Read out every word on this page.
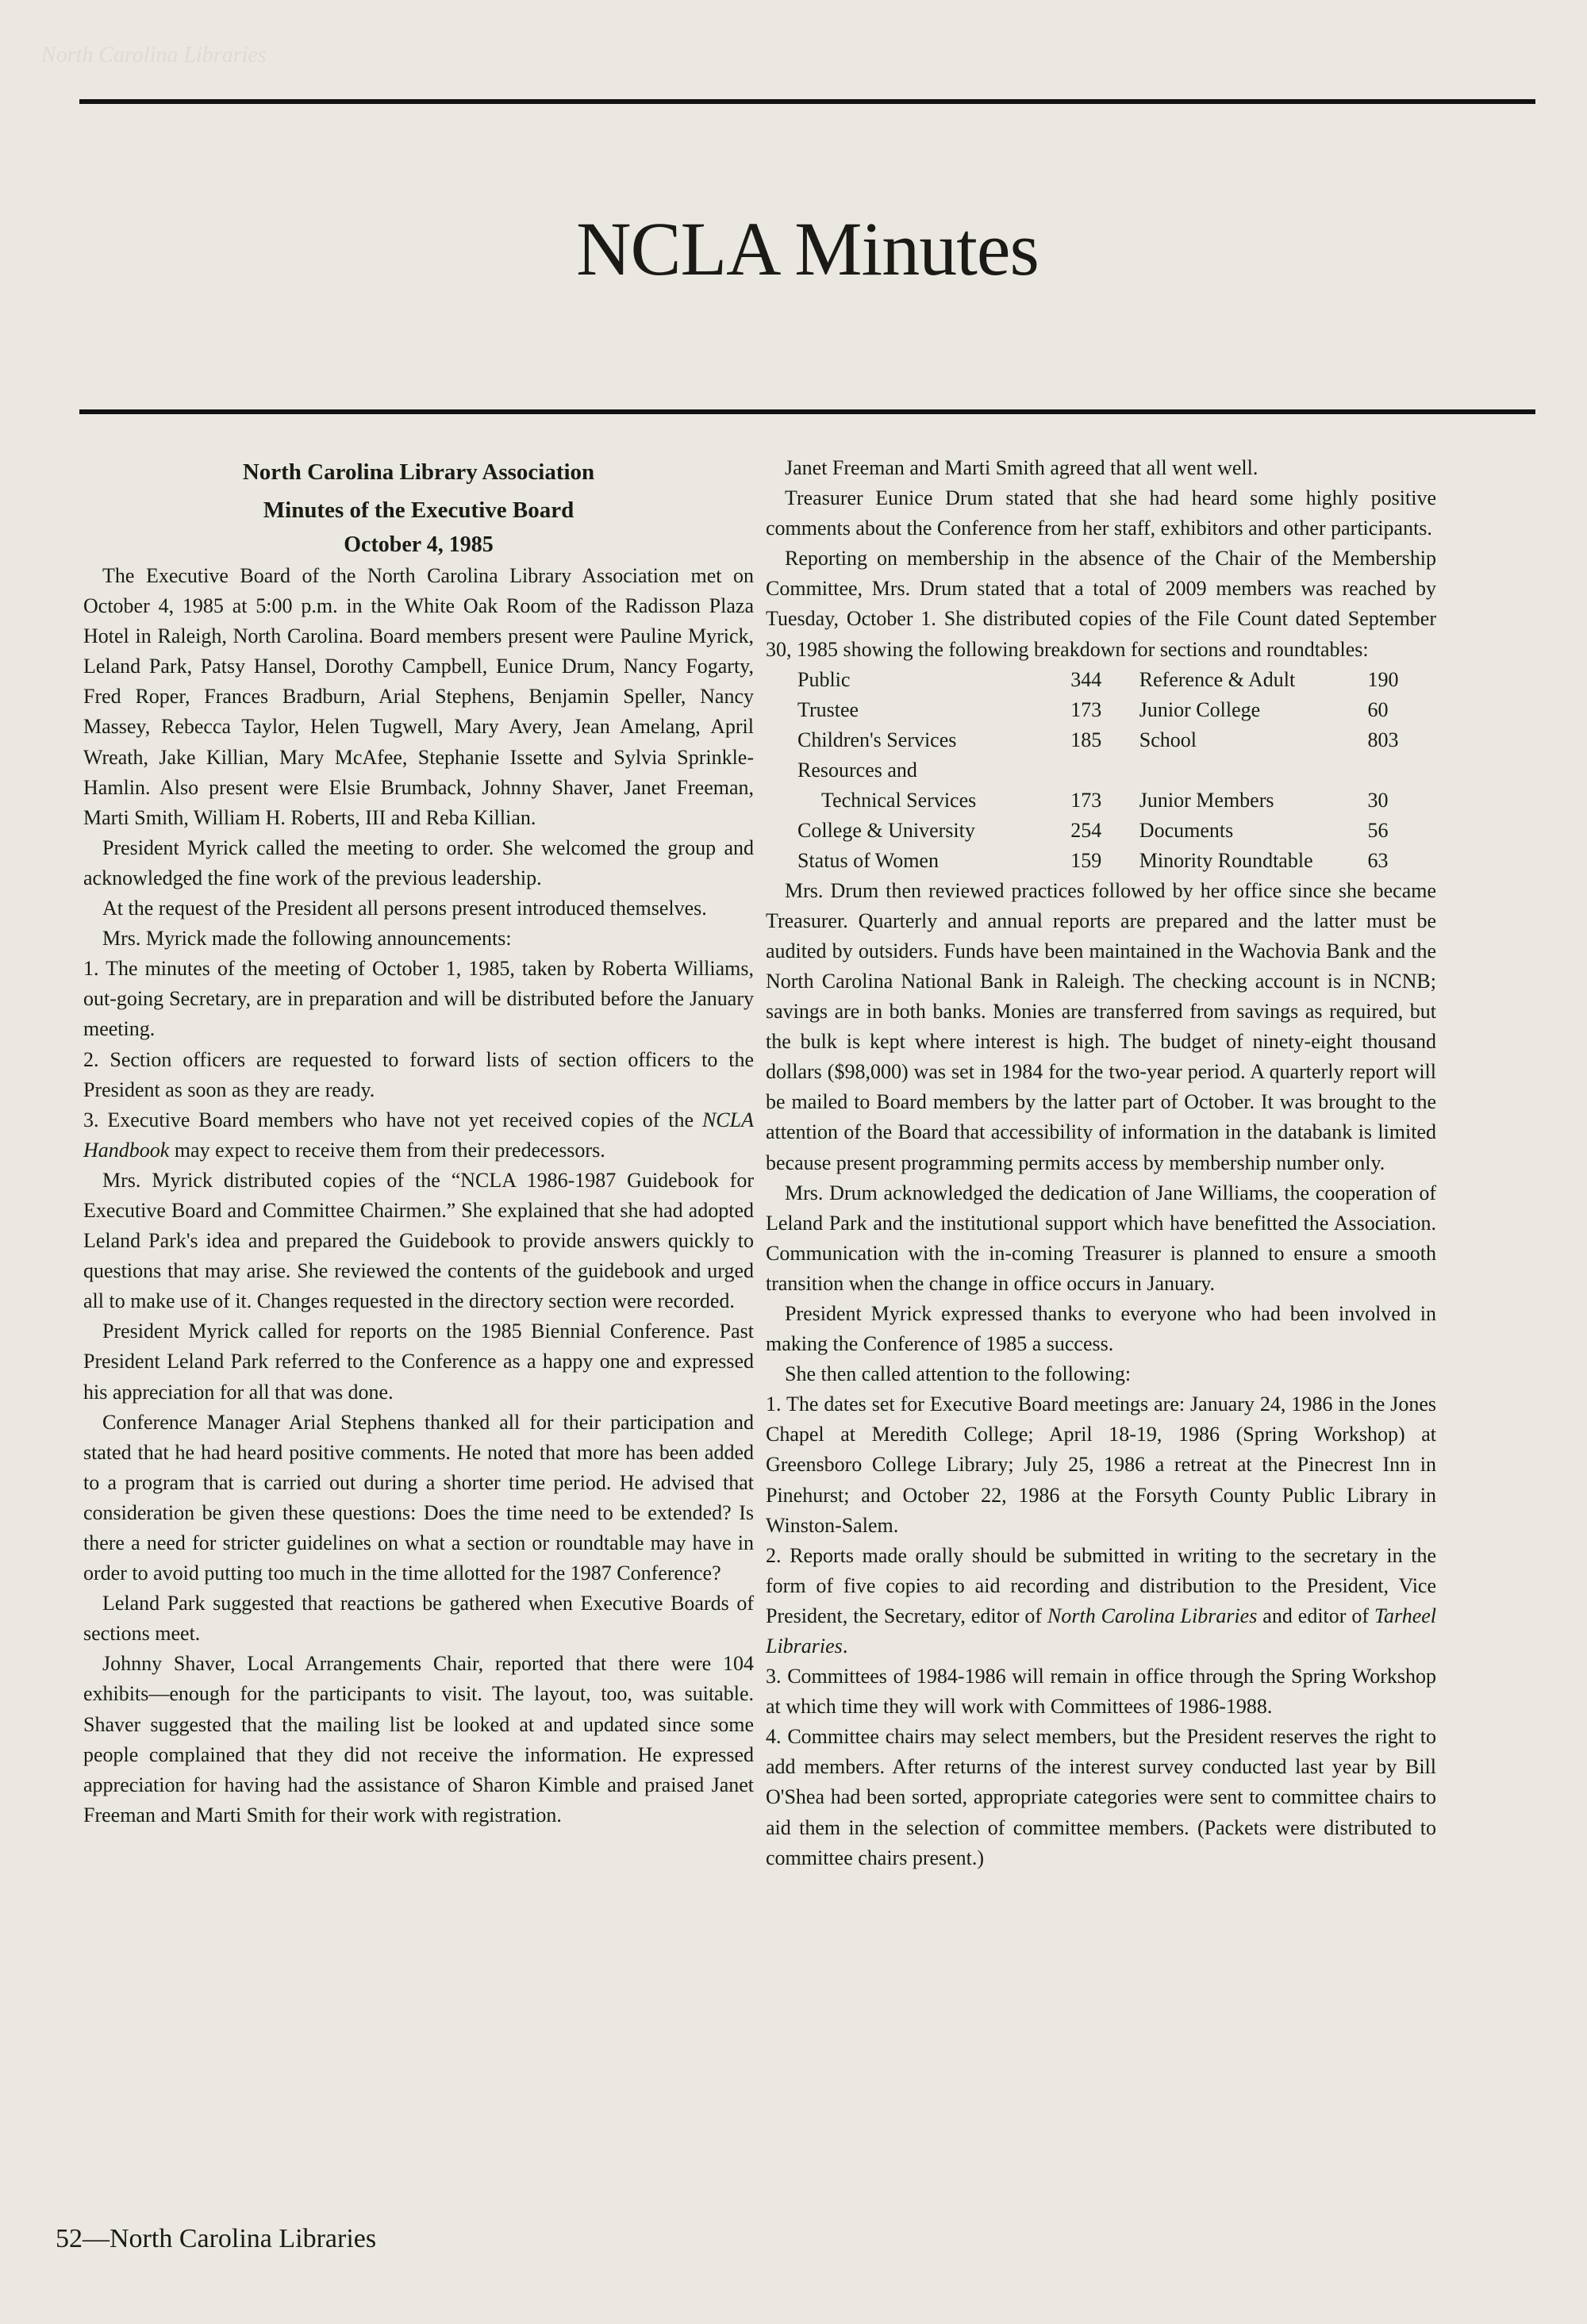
North Carolina Libraries
NCLA Minutes
North Carolina Library Association
Minutes of the Executive Board
October 4, 1985

The Executive Board of the North Carolina Library Association met on October 4, 1985 at 5:00 p.m. in the White Oak Room of the Radisson Plaza Hotel in Raleigh, North Carolina. Board members present were Pauline Myrick, Leland Park, Patsy Hansel, Dorothy Campbell, Eunice Drum, Nancy Fogarty, Fred Roper, Frances Bradburn, Arial Stephens, Benjamin Speller, Nancy Massey, Rebecca Taylor, Helen Tugwell, Mary Avery, Jean Amelang, April Wreath, Jake Killian, Mary McAfee, Stephanie Issette and Sylvia Sprinkle-Hamlin. Also present were Elsie Brumback, Johnny Shaver, Janet Freeman, Marti Smith, William H. Roberts, III and Reba Killian.

President Myrick called the meeting to order. She welcomed the group and acknowledged the fine work of the previous leadership.

At the request of the President all persons present introduced themselves.

Mrs. Myrick made the following announcements:

1. The minutes of the meeting of October 1, 1985, taken by Roberta Williams, out-going Secretary, are in preparation and will be distributed before the January meeting.

2. Section officers are requested to forward lists of section officers to the President as soon as they are ready.

3. Executive Board members who have not yet received copies of the NCLA Handbook may expect to receive them from their predecessors.

Mrs. Myrick distributed copies of the “NCLA 1986-1987 Guidebook for Executive Board and Committee Chairmen.” She explained that she had adopted Leland Park's idea and prepared the Guidebook to provide answers quickly to questions that may arise. She reviewed the contents of the guidebook and urged all to make use of it. Changes requested in the directory section were recorded.

President Myrick called for reports on the 1985 Biennial Conference. Past President Leland Park referred to the Conference as a happy one and expressed his appreciation for all that was done.

Conference Manager Arial Stephens thanked all for their participation and stated that he had heard positive comments. He noted that more has been added to a program that is carried out during a shorter time period. He advised that consideration be given these questions: Does the time need to be extended? Is there a need for stricter guidelines on what a section or roundtable may have in order to avoid putting too much in the time allotted for the 1987 Conference?

Leland Park suggested that reactions be gathered when Executive Boards of sections meet.

Johnny Shaver, Local Arrangements Chair, reported that there were 104 exhibits—enough for the participants to visit. The layout, too, was suitable. Shaver suggested that the mailing list be looked at and updated since some people complained that they did not receive the information. He expressed appreciation for having had the assistance of Sharon Kimble and praised Janet Freeman and Marti Smith for their work with registration.

Janet Freeman and Marti Smith agreed that all went well.

Treasurer Eunice Drum stated that she had heard some highly positive comments about the Conference from her staff, exhibitors and other participants.

Reporting on membership in the absence of the Chair of the Membership Committee, Mrs. Drum stated that a total of 2009 members was reached by Tuesday, October 1. She distributed copies of the File Count dated September 30, 1985 showing the following breakdown for sections and roundtables:

Public	344	Reference & Adult	190
Trustee	173	Junior College	60
Children's Services	185	School	803
Resources and			
Technical Services	173	Junior Members	30
College & University	254	Documents	56
Status of Women	159	Minority Roundtable	63

Mrs. Drum then reviewed practices followed by her office since she became Treasurer. Quarterly and annual reports are prepared and the latter must be audited by outsiders. Funds have been maintained in the Wachovia Bank and the North Carolina National Bank in Raleigh. The checking account is in NCNB; savings are in both banks. Monies are transferred from savings as required, but the bulk is kept where interest is high. The budget of ninety-eight thousand dollars ($98,000) was set in 1984 for the two-year period. A quarterly report will be mailed to Board members by the latter part of October. It was brought to the attention of the Board that accessibility of information in the databank is limited because present programming permits access by membership number only.

Mrs. Drum acknowledged the dedication of Jane Williams, the cooperation of Leland Park and the institutional support which have benefitted the Association. Communication with the in-coming Treasurer is planned to ensure a smooth transition when the change in office occurs in January.

President Myrick expressed thanks to everyone who had been involved in making the Conference of 1985 a success.

She then called attention to the following:

1. The dates set for Executive Board meetings are: January 24, 1986 in the Jones Chapel at Meredith College; April 18-19, 1986 (Spring Workshop) at Greensboro College Library; July 25, 1986 a retreat at the Pinecrest Inn in Pinehurst; and October 22, 1986 at the Forsyth County Public Library in Winston-Salem.

2. Reports made orally should be submitted in writing to the secretary in the form of five copies to aid recording and distribution to the President, Vice President, the Secretary, editor of North Carolina Libraries and editor of Tarheel Libraries.

3. Committees of 1984-1986 will remain in office through the Spring Workshop at which time they will work with Committees of 1986-1988.

4. Committee chairs may select members, but the President reserves the right to add members. After returns of the interest survey conducted last year by Bill O'Shea had been sorted, appropriate categories were sent to committee chairs to aid them in the selection of committee members. (Packets were distributed to committee chairs present.)

52—North Carolina Libraries
